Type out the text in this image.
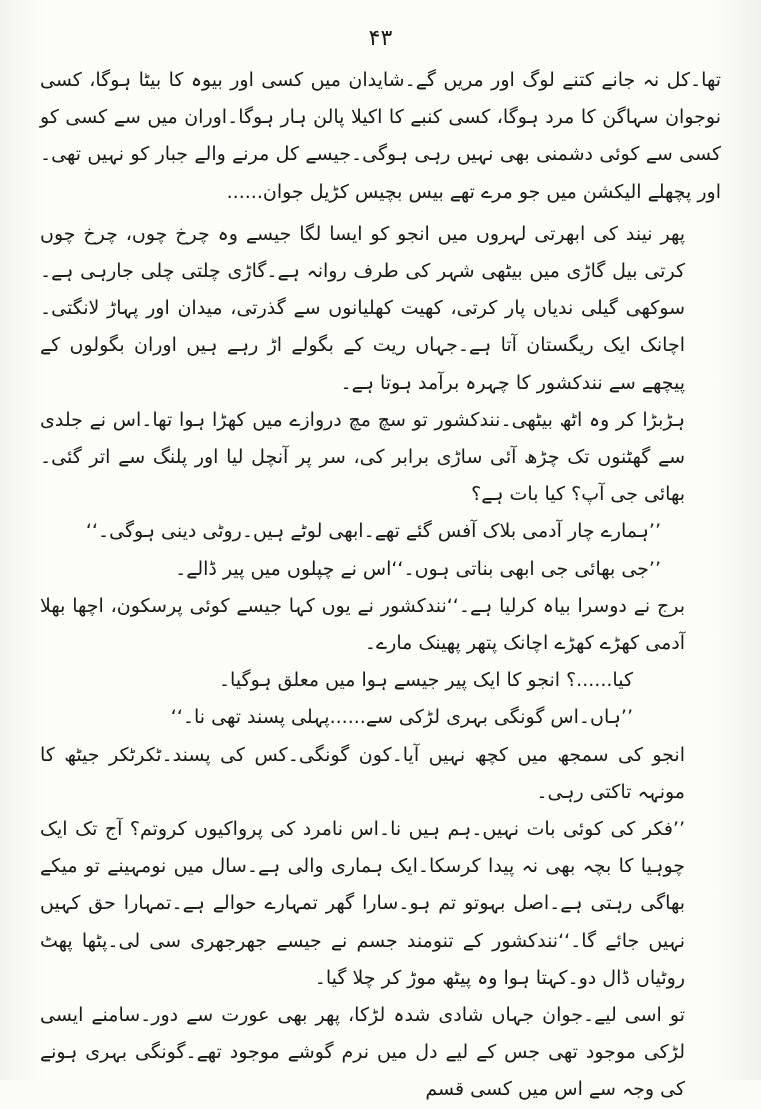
۴۳

تھا۔کل نہ جانے کتنے لوگ اور مریں گے۔شایدان میں کسی اور بیوہ کا بیٹا ہوگا، کسی نوجوان سہاگن کا مرد ہوگا، کسی کنبے کا اکیلا پالن ہار ہوگا۔اوران میں سے کسی کو کسی سے کوئی دشمنی بھی نہیں رہی ہوگی۔جیسے کل مرنے والے جبار کو نہیں تھی۔اور پچھلے الیکشن میں جو مرے تھے بیس بچیس کڑیل جوان......

پھر نیند کی ابھرتی لہروں میں انجو کو ایسا لگا جیسے وہ چرخ چوں، چرخ چوں کرتی بیل گاڑی میں بیٹھی شہر کی طرف روانہ ہے۔گاڑی چلتی چلی جارہی ہے۔سوکھی گیلی ندیاں پار کرتی، کھیت کھلیانوں سے گذرتی، میدان اور پہاڑ لانگتی۔اچانک ایک ریگستان آتا ہے۔جہاں ریت کے بگولے اڑ رہے ہیں اوران بگولوں کے پیچھے سے نندکشور کا چہرہ برآمد ہوتا ہے۔

ہڑبڑا کر وہ اٹھ بیٹھی۔نندکشور تو سچ مچ دروازے میں کھڑا ہوا تھا۔اس نے جلدی سے گھٹنوں تک چڑھ آئی ساڑی برابر کی، سر پر آنچل لیا اور پلنگ سے اتر گئی۔بھائی جی آپ؟ کیا بات ہے؟

’’ہمارے چار آدمی بلاک آفس گئے تھے۔ابھی لوٹے ہیں۔روٹی دینی ہوگی۔‘‘

’’جی بھائی جی ابھی بناتی ہوں۔‘‘اس نے چپلوں میں پیر ڈالے۔

برج نے دوسرا بیاہ کرلیا ہے۔‘‘نندکشور نے یوں کہا جیسے کوئی پرسکون، اچھا بھلا آدمی کھڑے کھڑے اچانک پتھر پھینک مارے۔

کیا......؟ انجو کا ایک پیر جیسے ہوا میں معلق ہوگیا۔

’’ہاں۔اس گونگی بہری لڑکی سے......پہلی پسند تھی نا۔‘‘

انجو کی سمجھ میں کچھ نہیں آیا۔کون گونگی۔کس کی پسند۔ٹکرٹکر جیٹھ کا مونہہ تاکتی رہی۔

’’فکر کی کوئی بات نہیں۔ہم ہیں نا۔اس نامرد کی پرواکیوں کروتم؟ آج تک ایک چوہیا کا بچہ بھی نہ پیدا کرسکا۔ایک ہماری والی ہے۔سال میں نومہینے تو میکے بھاگی رہتی ہے۔اصل بہوتو تم ہو۔سارا گھر تمہارے حوالے ہے۔تمہارا حق کہیں نہیں جائے گا۔‘‘نندکشور کے تنومند جسم نے جیسے جھرجھری سی لی۔پٹھا پھٹ روٹیاں ڈال دو۔کہتا ہوا وہ پیٹھ موڑ کر چلا گیا۔

تو اسی لیے۔جوان جہاں شادی شدہ لڑکا، پھر بھی عورت سے دور۔سامنے ایسی لڑکی موجود تھی جس کے لیے دل میں نرم گوشے موجود تھے۔گونگی بہری ہونے کی وجہ سے اس میں کسی قسم
